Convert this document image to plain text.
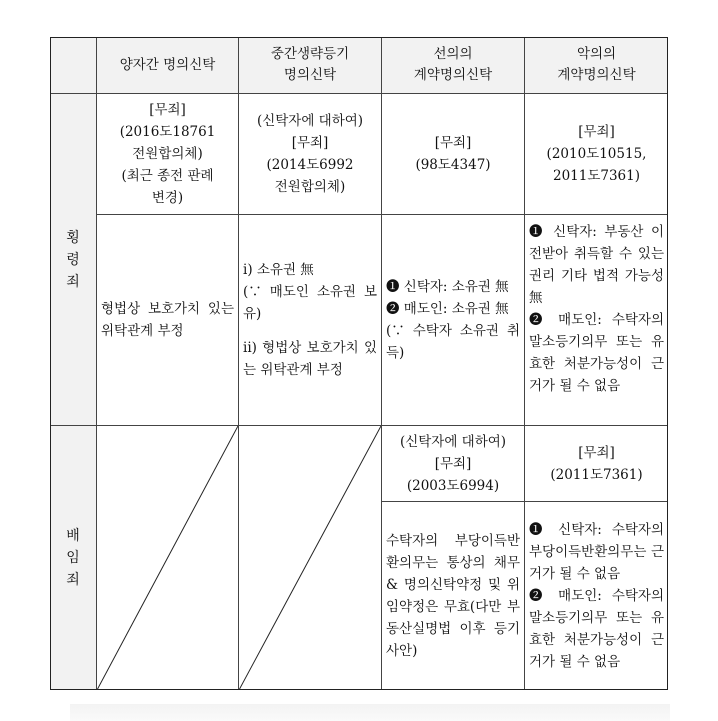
양자간 명의신탁
중간생략등기
명의신탁
선의의
계약명의신탁
악의의
계약명의신탁
횡
령
죄
[무죄]
(2016도18761
전원합의체)
(최근 종전 판례
변경)
(신탁자에 대하여)
[무죄]
(2014도6992
전원합의체)
[무죄]
(98도4347)
[무죄]
(2010도10515,
2011도7361)
형법상 보호가치 있는 위탁관계 부정
i) 소유권 無
(∵ 매도인 소유권 보유)
ii) 형법상 보호가치 있는 위탁관계 부정
❶ 신탁자: 소유권 無
❷ 매도인: 소유권 無
(∵ 수탁자 소유권 취득)
❶ 신탁자: 부동산 이전받아 취득할 수 있는 권리 기타 법적 가능성 無
❷ 매도인: 수탁자의 말소등기의무 또는 유효한 처분가능성이 근거가 될 수 없음
배
임
죄
(신탁자에 대하여)
[무죄]
(2003도6994)
[무죄]
(2011도7361)
수탁자의 부당이득반환의무는 통상의 채무 & 명의신탁약정 및 위임약정은 무효(다만 부동산실명법 이후 등기 사안)
❶ 신탁자: 수탁자의 부당이득반환의무는 근거가 될 수 없음
❷ 매도인: 수탁자의 말소등기의무 또는 유효한 처분가능성이 근거가 될 수 없음
